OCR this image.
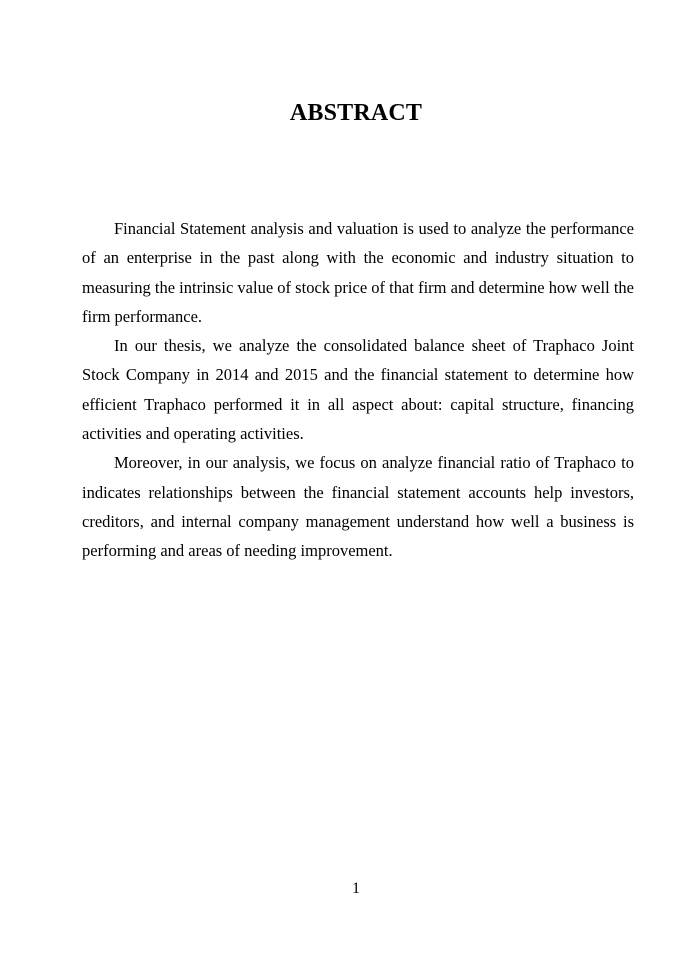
ABSTRACT

Financial Statement analysis and valuation is used to analyze the performance of an enterprise in the past along with the economic and industry situation to measuring the intrinsic value of stock price of that firm and determine how well the firm performance.

In our thesis, we analyze the consolidated balance sheet of Traphaco Joint Stock Company in 2014 and 2015 and the financial statement to determine how efficient Traphaco performed it in all aspect about: capital structure, financing activities and operating activities.

Moreover, in our analysis, we focus on analyze financial ratio of Traphaco to indicates relationships between the financial statement accounts help investors, creditors, and internal company management understand how well a business is performing and areas of needing improvement.

1
